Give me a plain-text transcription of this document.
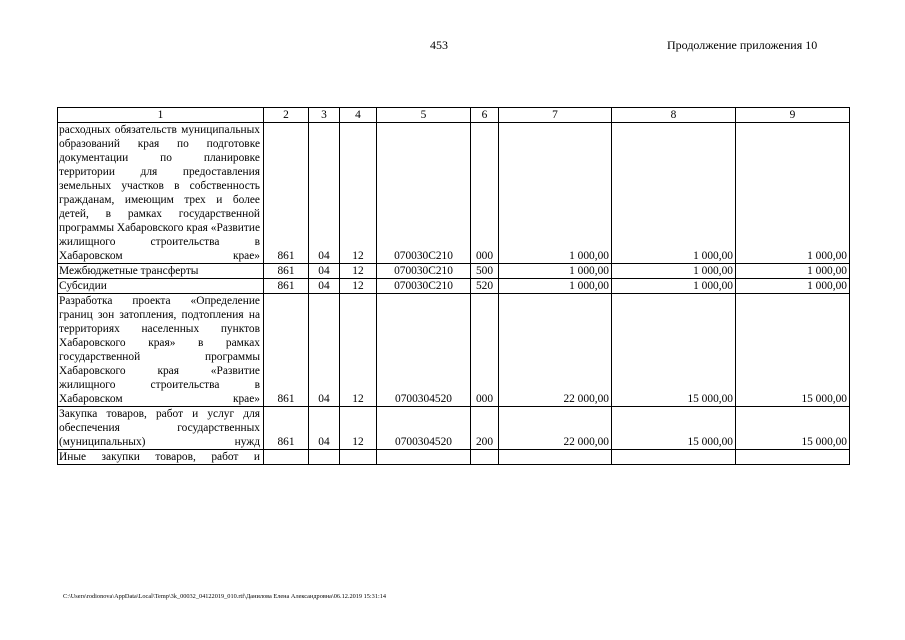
453	Продолжение приложения 10
1	2	3	4	5	6	7	8	9
расходных обязательств муниципальных образований края по подготовке документации по планировке территории для предоставления земельных участков в собственность гражданам, имеющим трех и более детей, в рамках государственной программы Хабаровского края «Развитие жилищного строительства в Хабаровском крае»	861	04	12	070030C210	000	1 000,00	1 000,00	1 000,00
Межбюджетные трансферты	861	04	12	070030C210	500	1 000,00	1 000,00	1 000,00
Субсидии	861	04	12	070030C210	520	1 000,00	1 000,00	1 000,00
Разработка проекта «Определение границ зон затопления, подтопления на территориях населенных пунктов Хабаровского края» в рамках государственной программы Хабаровского края «Развитие жилищного строительства в Хабаровском крае»	861	04	12	0700304520	000	22 000,00	15 000,00	15 000,00
Закупка товаров, работ и услуг для обеспечения государственных (муниципальных) нужд	861	04	12	0700304520	200	22 000,00	15 000,00	15 000,00
Иные закупки товаров, работ и								
C:\Users\rodionova\AppData\Local\Temp\3k_00032_04122019_010.rtf\Данилова Елена Александровна\06.12.2019 15:31:14
